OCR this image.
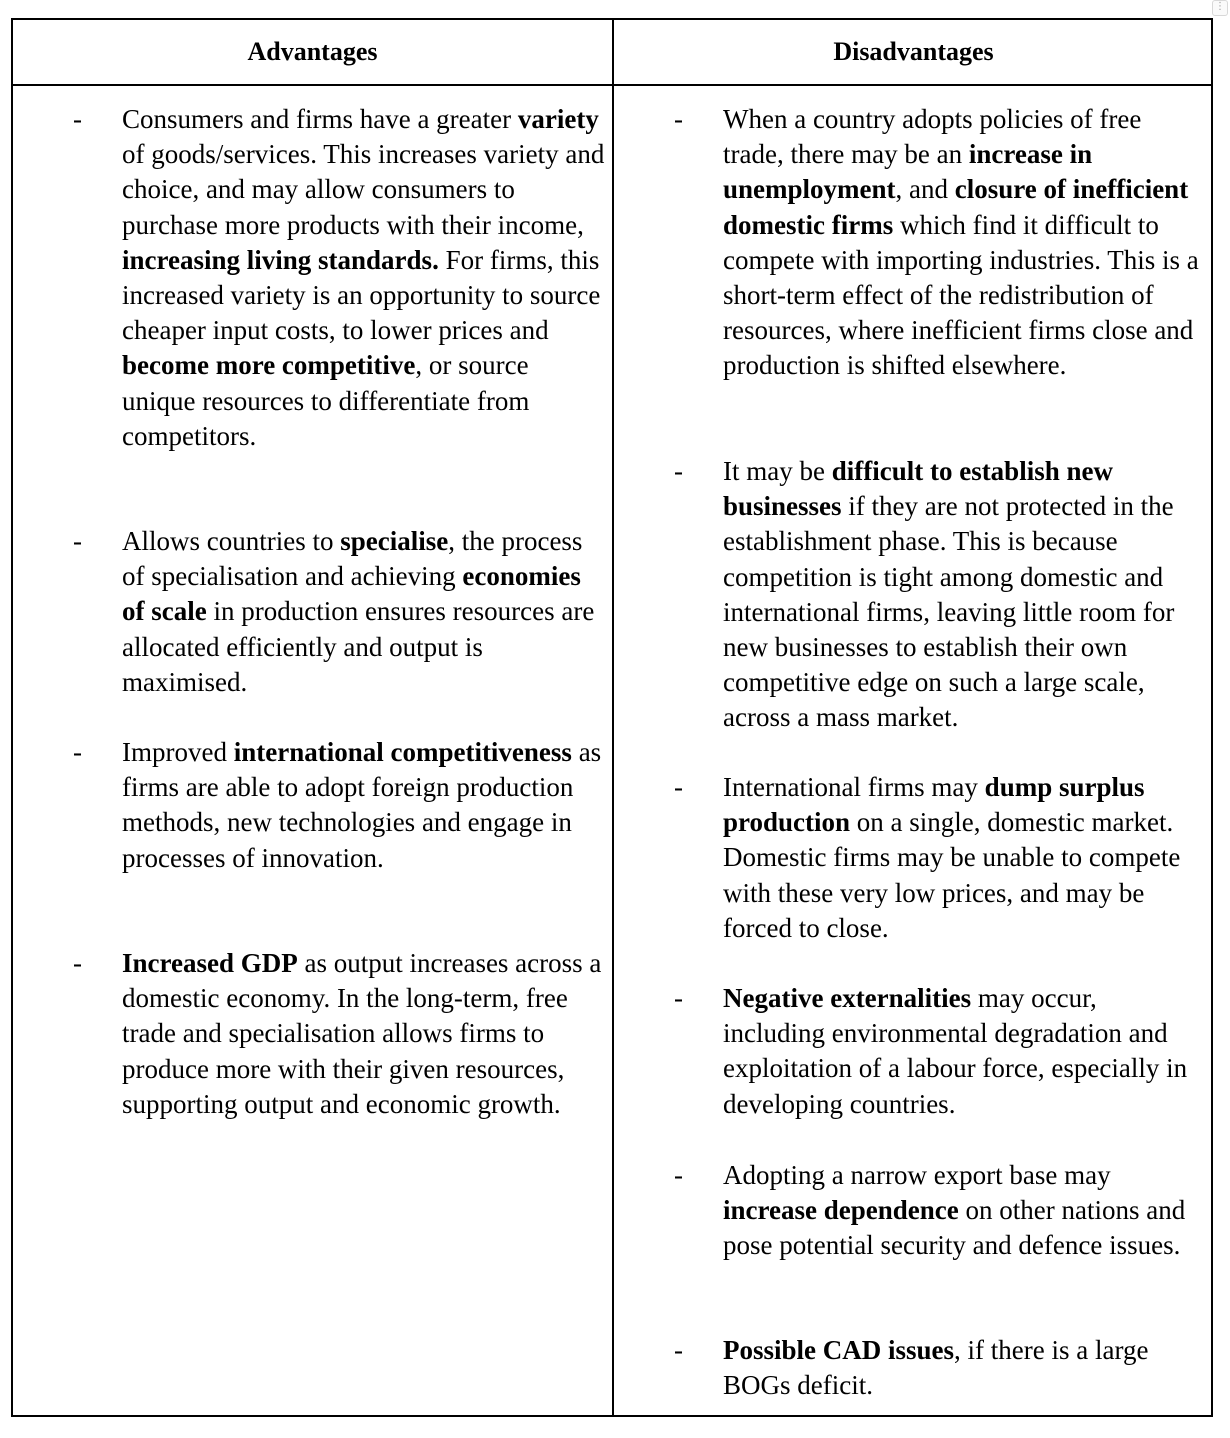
Advantages	Disadvantages
- Consumers and firms have a greater variety of goods/services. This increases variety and choice, and may allow consumers to purchase more products with their income, increasing living standards. For firms, this increased variety is an opportunity to source cheaper input costs, to lower prices and become more competitive, or source unique resources to differentiate from competitors.
- Allows countries to specialise, the process of specialisation and achieving economies of scale in production ensures resources are allocated efficiently and output is maximised.
- Improved international competitiveness as firms are able to adopt foreign production methods, new technologies and engage in processes of innovation.
- Increased GDP as output increases across a domestic economy. In the long-term, free trade and specialisation allows firms to produce more with their given resources, supporting output and economic growth.
- When a country adopts policies of free trade, there may be an increase in unemployment, and closure of inefficient domestic firms which find it difficult to compete with importing industries. This is a short-term effect of the redistribution of resources, where inefficient firms close and production is shifted elsewhere.
- It may be difficult to establish new businesses if they are not protected in the establishment phase. This is because competition is tight among domestic and international firms, leaving little room for new businesses to establish their own competitive edge on such a large scale, across a mass market.
- International firms may dump surplus production on a single, domestic market. Domestic firms may be unable to compete with these very low prices, and may be forced to close.
- Negative externalities may occur, including environmental degradation and exploitation of a labour force, especially in developing countries.
- Adopting a narrow export base may increase dependence on other nations and pose potential security and defence issues.
- Possible CAD issues, if there is a large BOGs deficit.
⋮
